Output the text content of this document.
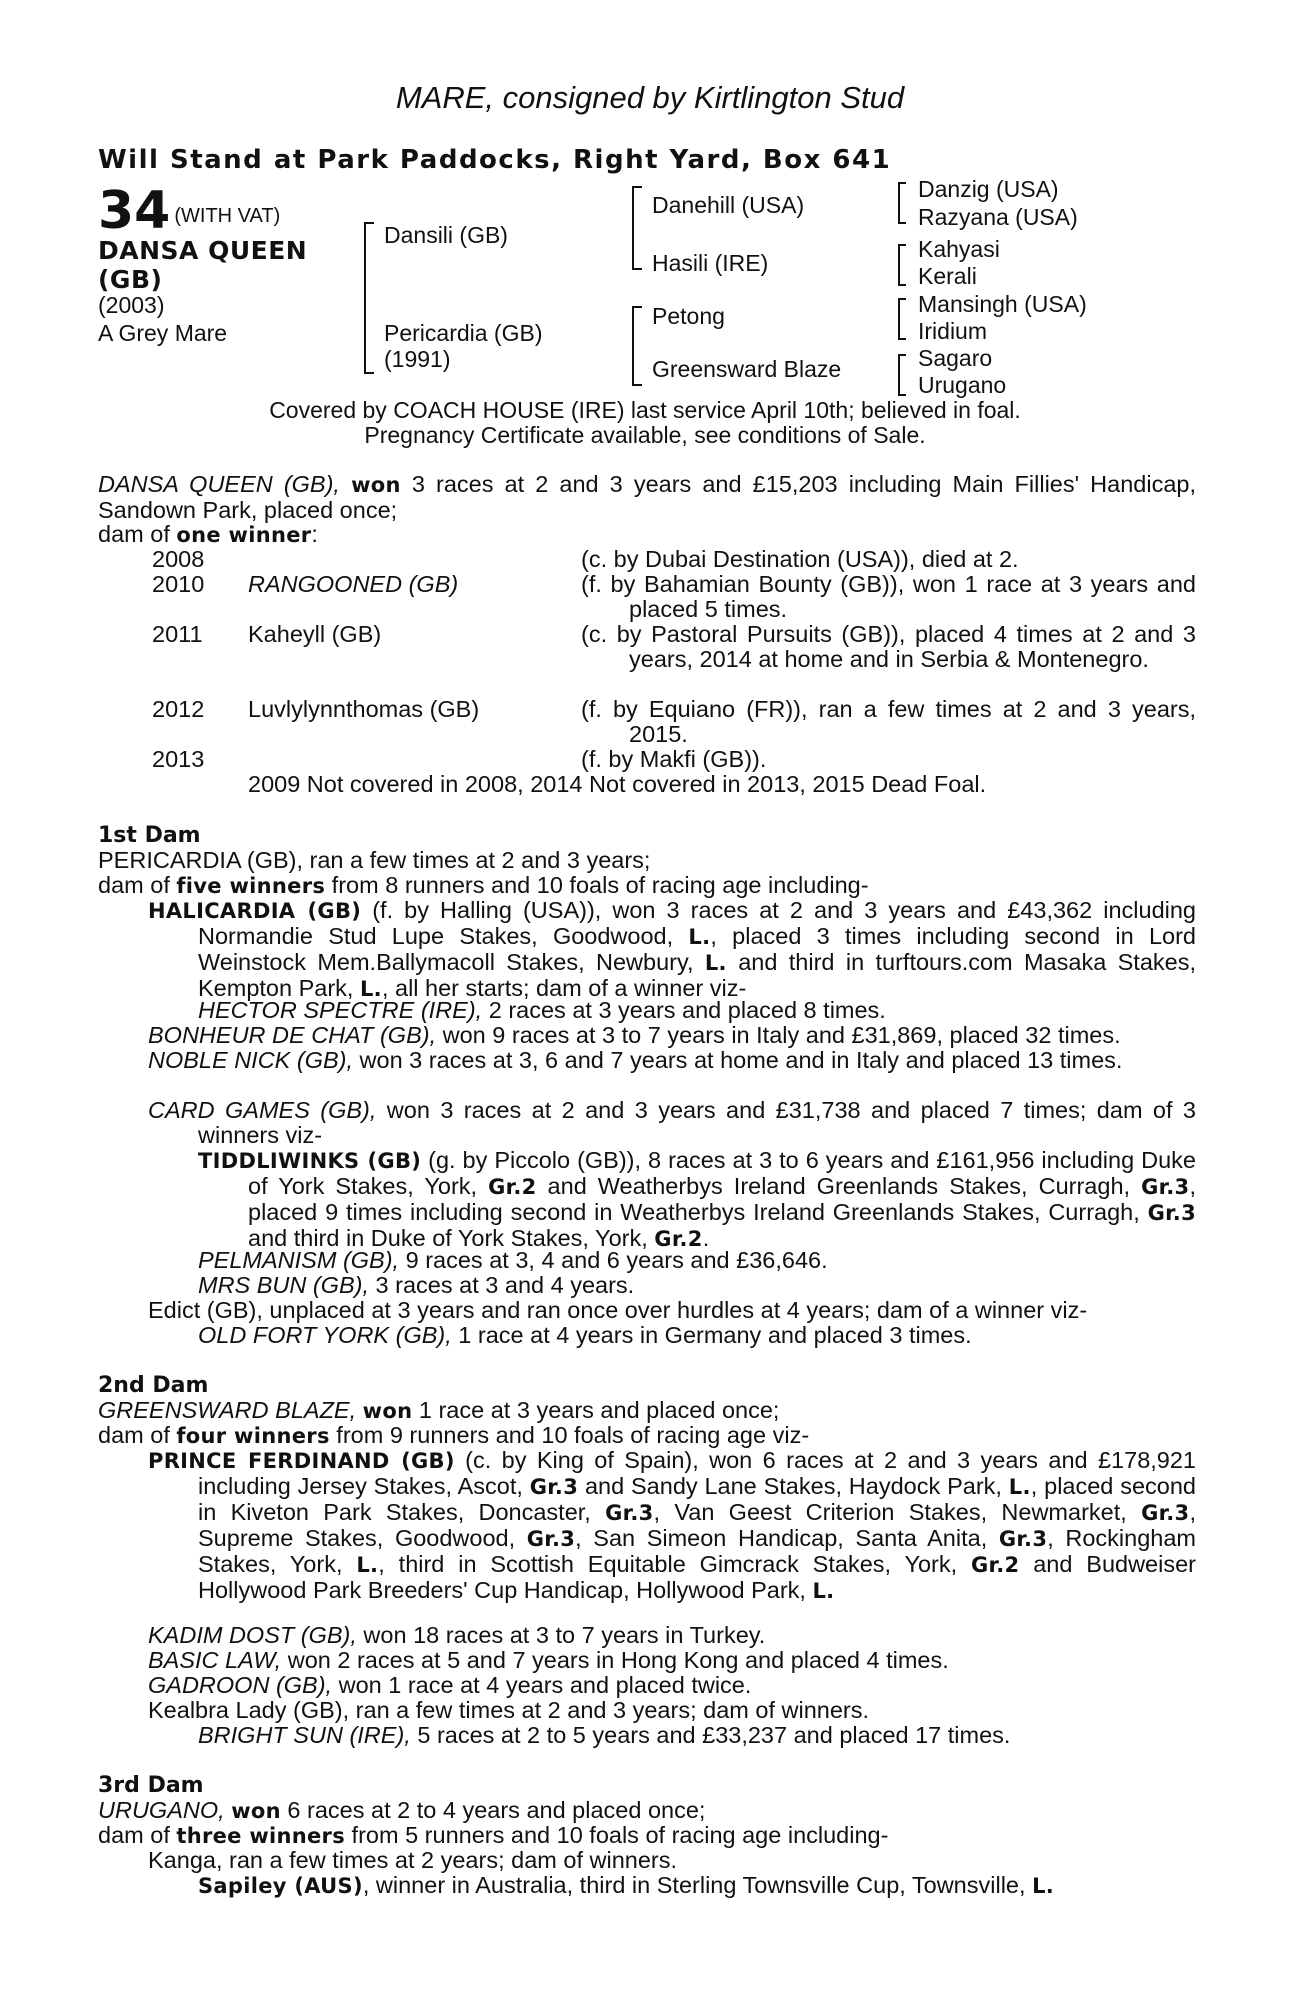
MARE, consigned by Kirtlington Stud
Will Stand at Park Paddocks, Right Yard, Box 641
34 (WITH VAT)
DANSA QUEEN
(GB)
(2003)
A Grey Mare
Dansili (GB)
Pericardia (GB)
(1991)
Danehill (USA)
Hasili (IRE)
Petong
Greensward Blaze
Danzig (USA)
Razyana (USA)
Kahyasi
Kerali
Mansingh (USA)
Iridium
Sagaro
Urugano
Covered by COACH HOUSE (IRE) last service April 10th; believed in foal.
Pregnancy Certificate available, see conditions of Sale.
DANSA QUEEN (GB), won 3 races at 2 and 3 years and £15,203 including Main Fillies' Handicap, Sandown Park, placed once;
dam of one winner:
2008	(c. by Dubai Destination (USA)), died at 2.
2010 RANGOONED (GB)	(f. by Bahamian Bounty (GB)), won 1 race at 3 years and placed 5 times.
2011 Kaheyll (GB)	(c. by Pastoral Pursuits (GB)), placed 4 times at 2 and 3 years, 2014 at home and in Serbia & Montenegro.
2012 Luvlylynnthomas (GB)	(f. by Equiano (FR)), ran a few times at 2 and 3 years, 2015.
2013	(f. by Makfi (GB)).
2009 Not covered in 2008, 2014 Not covered in 2013, 2015 Dead Foal.
1st Dam
PERICARDIA (GB), ran a few times at 2 and 3 years;
dam of five winners from 8 runners and 10 foals of racing age including-
HALICARDIA (GB) (f. by Halling (USA)), won 3 races at 2 and 3 years and £43,362 including Normandie Stud Lupe Stakes, Goodwood, L., placed 3 times including second in Lord Weinstock Mem.Ballymacoll Stakes, Newbury, L. and third in turftours.com Masaka Stakes, Kempton Park, L., all her starts; dam of a winner viz-
HECTOR SPECTRE (IRE), 2 races at 3 years and placed 8 times.
BONHEUR DE CHAT (GB), won 9 races at 3 to 7 years in Italy and £31,869, placed 32 times.
NOBLE NICK (GB), won 3 races at 3, 6 and 7 years at home and in Italy and placed 13 times.
CARD GAMES (GB), won 3 races at 2 and 3 years and £31,738 and placed 7 times; dam of 3 winners viz-
TIDDLIWINKS (GB) (g. by Piccolo (GB)), 8 races at 3 to 6 years and £161,956 including Duke of York Stakes, York, Gr.2 and Weatherbys Ireland Greenlands Stakes, Curragh, Gr.3, placed 9 times including second in Weatherbys Ireland Greenlands Stakes, Curragh, Gr.3 and third in Duke of York Stakes, York, Gr.2.
PELMANISM (GB), 9 races at 3, 4 and 6 years and £36,646.
MRS BUN (GB), 3 races at 3 and 4 years.
Edict (GB), unplaced at 3 years and ran once over hurdles at 4 years; dam of a winner viz-
OLD FORT YORK (GB), 1 race at 4 years in Germany and placed 3 times.
2nd Dam
GREENSWARD BLAZE, won 1 race at 3 years and placed once;
dam of four winners from 9 runners and 10 foals of racing age viz-
PRINCE FERDINAND (GB) (c. by King of Spain), won 6 races at 2 and 3 years and £178,921 including Jersey Stakes, Ascot, Gr.3 and Sandy Lane Stakes, Haydock Park, L., placed second in Kiveton Park Stakes, Doncaster, Gr.3, Van Geest Criterion Stakes, Newmarket, Gr.3, Supreme Stakes, Goodwood, Gr.3, San Simeon Handicap, Santa Anita, Gr.3, Rockingham Stakes, York, L., third in Scottish Equitable Gimcrack Stakes, York, Gr.2 and Budweiser Hollywood Park Breeders' Cup Handicap, Hollywood Park, L.
KADIM DOST (GB), won 18 races at 3 to 7 years in Turkey.
BASIC LAW, won 2 races at 5 and 7 years in Hong Kong and placed 4 times.
GADROON (GB), won 1 race at 4 years and placed twice.
Kealbra Lady (GB), ran a few times at 2 and 3 years; dam of winners.
BRIGHT SUN (IRE), 5 races at 2 to 5 years and £33,237 and placed 17 times.
3rd Dam
URUGANO, won 6 races at 2 to 4 years and placed once;
dam of three winners from 5 runners and 10 foals of racing age including-
Kanga, ran a few times at 2 years; dam of winners.
Sapiley (AUS), winner in Australia, third in Sterling Townsville Cup, Townsville, L.
